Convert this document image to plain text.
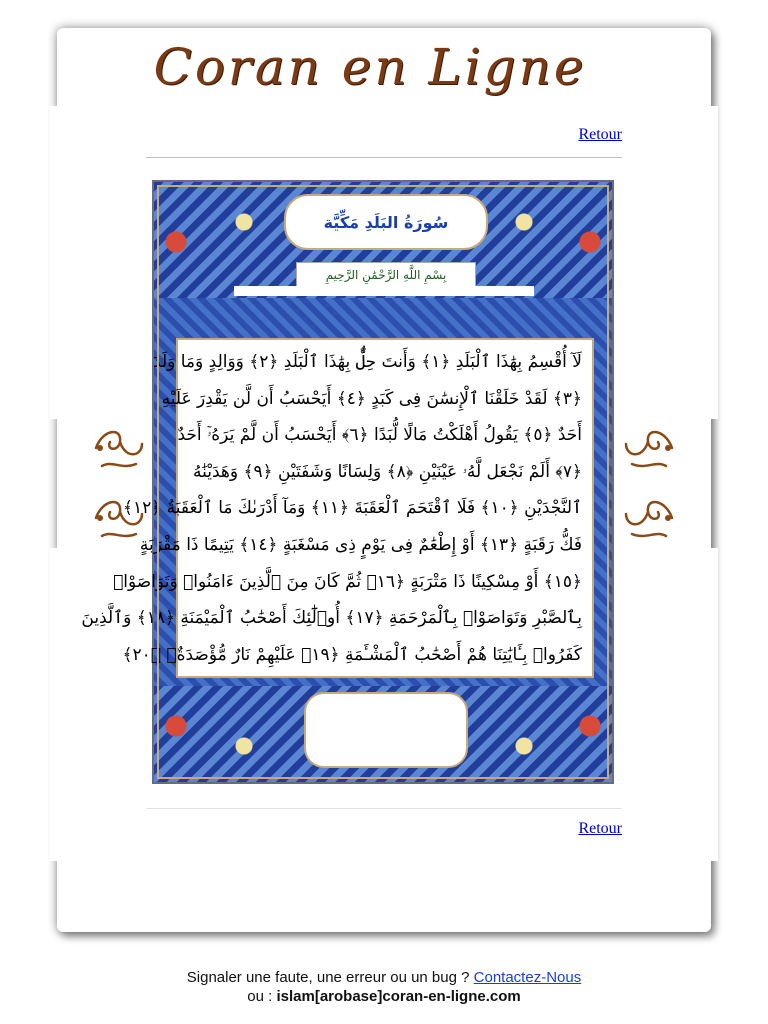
Coran en Ligne
Retour
سُورَةُ البَلَدِ مَكِّيَّة
بِسْمِ اللَّهِ الرَّحْمَٰنِ الرَّحِيمِ
لَآ أُقْسِمُ بِهَٰذَا ٱلْبَلَدِ ﴿١﴾ وَأَنتَ حِلٌّۢ بِهَٰذَا ٱلْبَلَدِ ﴿٢﴾ وَوَالِدٍ وَمَا وَلَدَ
﴿٣﴾ لَقَدْ خَلَقْنَا ٱلْإِنسَٰنَ فِى كَبَدٍ ﴿٤﴾ أَيَحْسَبُ أَن لَّن يَقْدِرَ عَلَيْهِ
أَحَدٌ ﴿٥﴾ يَقُولُ أَهْلَكْتُ مَالًا لُّبَدًا ﴿٦﴾ أَيَحْسَبُ أَن لَّمْ يَرَهُۥٓ أَحَدٌ
﴿٧﴾ أَلَمْ نَجْعَل لَّهُۥ عَيْنَيْنِ ﴿٨﴾ وَلِسَانًا وَشَفَتَيْنِ ﴿٩﴾ وَهَدَيْنَٰهُ
ٱلنَّجْدَيْنِ ﴿١٠﴾ فَلَا ٱقْتَحَمَ ٱلْعَقَبَةَ ﴿١١﴾ وَمَآ أَدْرَىٰكَ مَا ٱلْعَقَبَةُ ﴿١٢﴾
فَكُّ رَقَبَةٍ ﴿١٣﴾ أَوْ إِطْعَٰمٌ فِى يَوْمٍ ذِى مَسْغَبَةٍ ﴿١٤﴾ يَتِيمًا ذَا مَقْرَبَةٍ
﴿١٥﴾ أَوْ مِسْكِينًا ذَا مَتْرَبَةٍ ﴿١٦﴾ ثُمَّ كَانَ مِنَ ٱلَّذِينَ ءَامَنُوا۟ وَتَوَاصَوْا۟
بِٱلصَّبْرِ وَتَوَاصَوْا۟ بِٱلْمَرْحَمَةِ ﴿١٧﴾ أُو۟لَٰٓئِكَ أَصْحَٰبُ ٱلْمَيْمَنَةِ ﴿١٨﴾ وَٱلَّذِينَ
كَفَرُوا۟ بِـَٔايَٰتِنَا هُمْ أَصْحَٰبُ ٱلْمَشْـَٔمَةِ ﴿١٩﴾ عَلَيْهِمْ نَارٌ مُّؤْصَدَةٌۢ ﴿٢٠﴾
Retour
Signaler une faute, une erreur ou un bug ? Contactez-Nous
ou : islam[arobase]coran-en-ligne.com
